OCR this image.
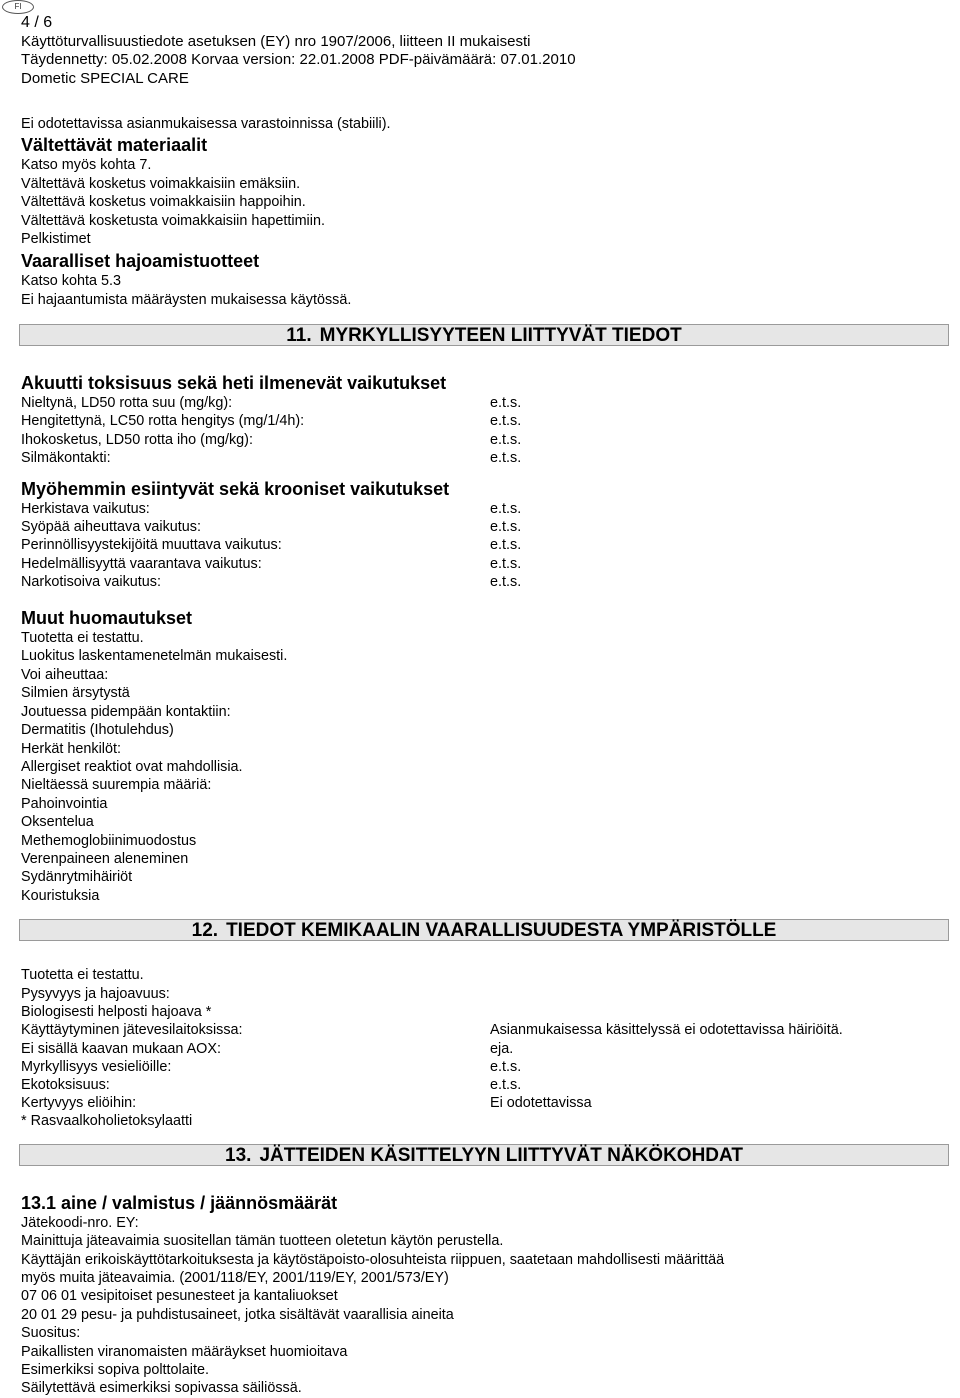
FI
4 / 6
Käyttöturvallisuustiedote asetuksen (EY) nro 1907/2006, liitteen II mukaisesti
Täydennetty: 05.02.2008 Korvaa version: 22.01.2008 PDF-päivämäärä: 07.01.2010
Dometic SPECIAL CARE
Ei odotettavissa asianmukaisessa varastoinnissa (stabiili).
Vältettävät materiaalit
Katso myös kohta 7.
Vältettävä kosketus voimakkaisiin emäksiin.
Vältettävä kosketus voimakkaisiin happoihin.
Vältettävä kosketusta voimakkaisiin hapettimiin.
Pelkistimet
Vaaralliset hajoamistuotteet
Katso kohta 5.3
Ei hajaantumista määräysten mukaisessa käytössä.
11. MYRKYLLISYYTEEN LIITTYVÄT TIEDOT
Akuutti toksisuus sekä heti ilmenevät vaikutukset
Nieltynä, LD50 rotta suu (mg/kg):	e.t.s.
Hengitettynä, LC50 rotta hengitys (mg/1/4h):	e.t.s.
Ihokosketus, LD50 rotta iho (mg/kg):	e.t.s.
Silmäkontakti:	e.t.s.
Myöhemmin esiintyvät sekä krooniset vaikutukset
Herkistava vaikutus:	e.t.s.
Syöpää aiheuttava vaikutus:	e.t.s.
Perinnöllisyystekijöitä muuttava vaikutus:	e.t.s.
Hedelmällisyyttä vaarantava vaikutus:	e.t.s.
Narkotisoiva vaikutus:	e.t.s.
Muut huomautukset
Tuotetta ei testattu.
Luokitus laskentamenetelmän mukaisesti.
Voi aiheuttaa:
Silmien ärsytystä
Joutuessa pidempään kontaktiin:
Dermatitis (Ihotulehdus)
Herkät henkilöt:
Allergiset reaktiot ovat mahdollisia.
Nieltäessä suurempia määriä:
Pahoinvointia
Oksentelua
Methemoglobiinimuodostus
Verenpaineen aleneminen
Sydänrytmihäiriöt
Kouristuksia
12. TIEDOT KEMIKAALIN VAARALLISUUDESTA YMPÄRISTÖLLE
Tuotetta ei testattu.
Pysyvyys ja hajoavuus:
Biologisesti helposti hajoava *
Käyttäytyminen jätevesilaitoksissa:	Asianmukaisessa käsittelyssä ei odotettavissa häiriöitä.
Ei sisällä kaavan mukaan AOX:	eja.
Myrkyllisyys vesieliöille:	e.t.s.
Ekotoksisuus:	e.t.s.
Kertyvyys eliöihin:	Ei odotettavissa
* Rasvaalkoholietoksylaatti
13. JÄTTEIDEN KÄSITTELYYN LIITTYVÄT NÄKÖKOHDAT
13.1 aine / valmistus / jäännösmäärät
Jätekoodi-nro. EY:
Mainittuja jäteavaimia suositellan tämän tuotteen oletetun käytön perustella.
Käyttäjän erikoiskäyttötarkoituksesta ja käytöstäpoisto-olosuhteista riippuen, saatetaan mahdollisesti määrittää
myös muita jäteavaimia. (2001/118/EY, 2001/119/EY, 2001/573/EY)
07 06 01 vesipitoiset pesunesteet ja kantaliuokset
20 01 29 pesu- ja puhdistusaineet, jotka sisältävät vaarallisia aineita
Suositus:
Paikallisten viranomaisten määräykset huomioitava
Esimerkiksi sopiva polttolaite.
Säilytettävä esimerkiksi sopivassa säiliössä.
